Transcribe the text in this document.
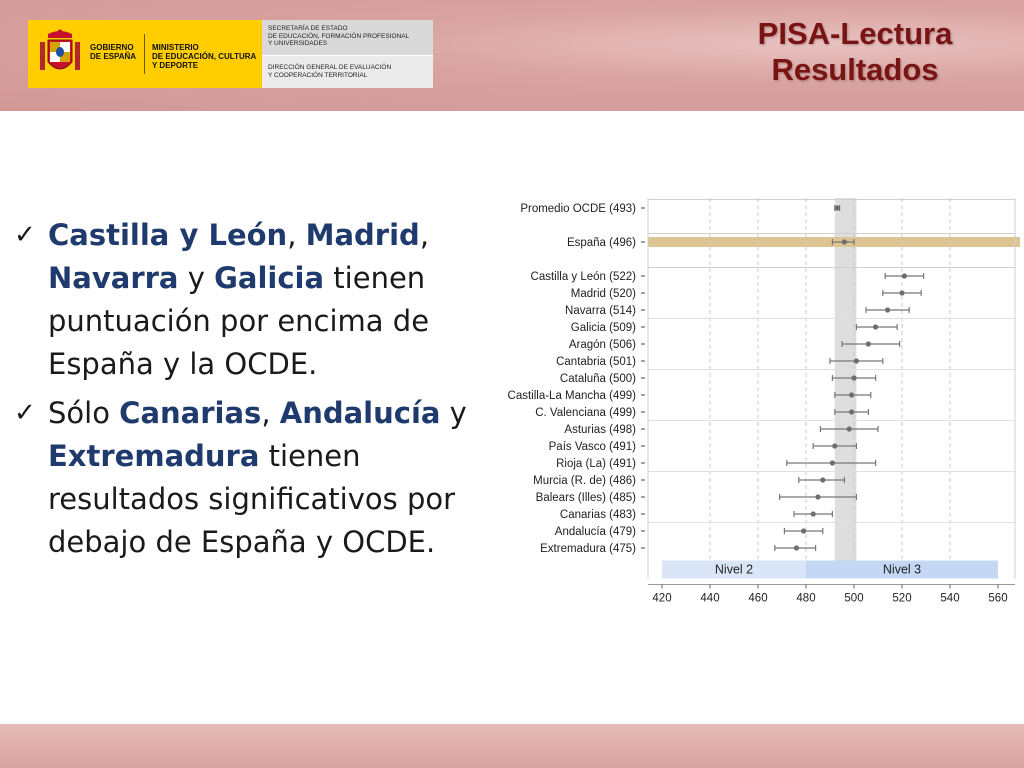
GOBIERNO
DE ESPAÑA
MINISTERIO
DE EDUCACIÓN, CULTURA
Y DEPORTE
SECRETARÍA DE ESTADO
DE EDUCACIÓN, FORMACIÓN PROFESIONAL
Y UNIVERSIDADES
DIRECCIÓN GENERAL DE EVALUACIÓN
Y COOPERACIÓN TERRITORIAL
PISA-Lectura
Resultados
✓ Castilla y León, Madrid, Navarra y Galicia tienen puntuación por encima de España y la OCDE.
✓ Sólo Canarias, Andalucía y Extremadura tienen resultados significativos por debajo de España y OCDE.
Promedio OCDE (493)
España (496)
Castilla y León (522)
Madrid (520)
Navarra (514)
Galicia (509)
Aragón (506)
Cantabria (501)
Cataluña (500)
Castilla-La Mancha (499)
C. Valenciana (499)
Asturias (498)
País Vasco (491)
Rioja (La) (491)
Murcia (R. de) (486)
Balears (Illes) (485)
Canarias (483)
Andalucía (479)
Extremadura (475)
Nivel 2	Nivel 3
420	440	460	480	500	520	540	560
